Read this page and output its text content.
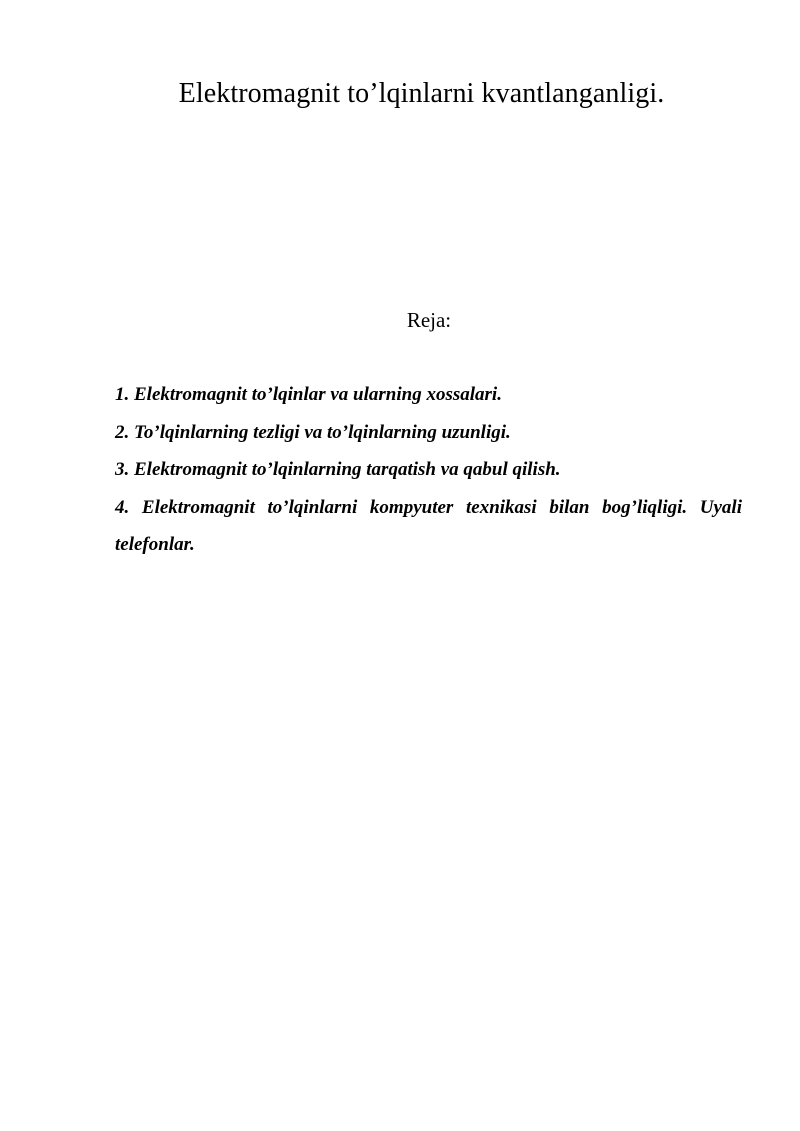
Elektromagnit to’lqinlarni kvantlanganligi.
Reja:
1. Elektromagnit to’lqinlar va ularning xossalari.
2. To’lqinlarning tezligi va to’lqinlarning uzunligi.
3. Elektromagnit to’lqinlarning tarqatish va qabul qilish.
4. Elektromagnit to’lqinlarni kompyuter texnikasi bilan bog’liqligi. Uyali telefonlar.
